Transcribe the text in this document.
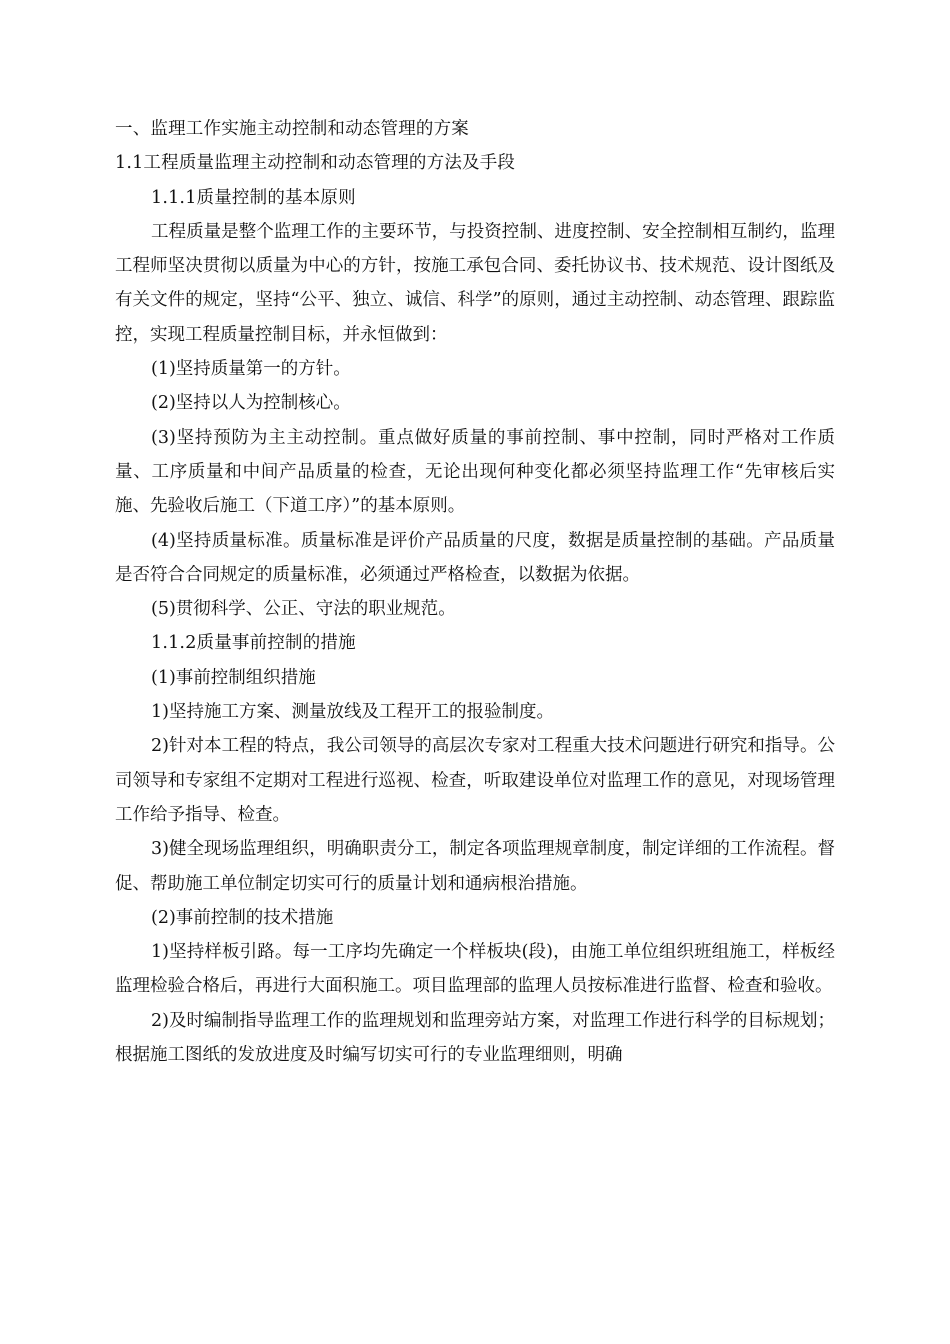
一、监理工作实施主动控制和动态管理的方案

1.1工程质量监理主动控制和动态管理的方法及手段

1.1.1质量控制的基本原则

工程质量是整个监理工作的主要环节，与投资控制、进度控制、安全控制相互制约，监理工程师坚决贯彻以质量为中心的方针，按施工承包合同、委托协议书、技术规范、设计图纸及有关文件的规定，坚持“公平、独立、诚信、科学”的原则，通过主动控制、动态管理、跟踪监控，实现工程质量控制目标，并永恒做到：

(1)坚持质量第一的方针。

(2)坚持以人为控制核心。

(3)坚持预防为主主动控制。重点做好质量的事前控制、事中控制，同时严格对工作质量、工序质量和中间产品质量的检查，无论出现何种变化都必须坚持监理工作“先审核后实施、先验收后施工（下道工序）”的基本原则。

(4)坚持质量标准。质量标准是评价产品质量的尺度，数据是质量控制的基础。产品质量是否符合合同规定的质量标准，必须通过严格检查，以数据为依据。

(5)贯彻科学、公正、守法的职业规范。

1.1.2质量事前控制的措施

(1)事前控制组织措施

1)坚持施工方案、测量放线及工程开工的报验制度。

2)针对本工程的特点，我公司领导的高层次专家对工程重大技术问题进行研究和指导。公司领导和专家组不定期对工程进行巡视、检查，听取建设单位对监理工作的意见，对现场管理工作给予指导、检查。

3)健全现场监理组织，明确职责分工，制定各项监理规章制度，制定详细的工作流程。督促、帮助施工单位制定切实可行的质量计划和通病根治措施。

(2)事前控制的技术措施

1)坚持样板引路。每一工序均先确定一个样板块(段)，由施工单位组织班组施工，样板经监理检验合格后，再进行大面积施工。项目监理部的监理人员按标准进行监督、检查和验收。

2)及时编制指导监理工作的监理规划和监理旁站方案，对监理工作进行科学的目标规划；根据施工图纸的发放进度及时编写切实可行的专业监理细则，明确
